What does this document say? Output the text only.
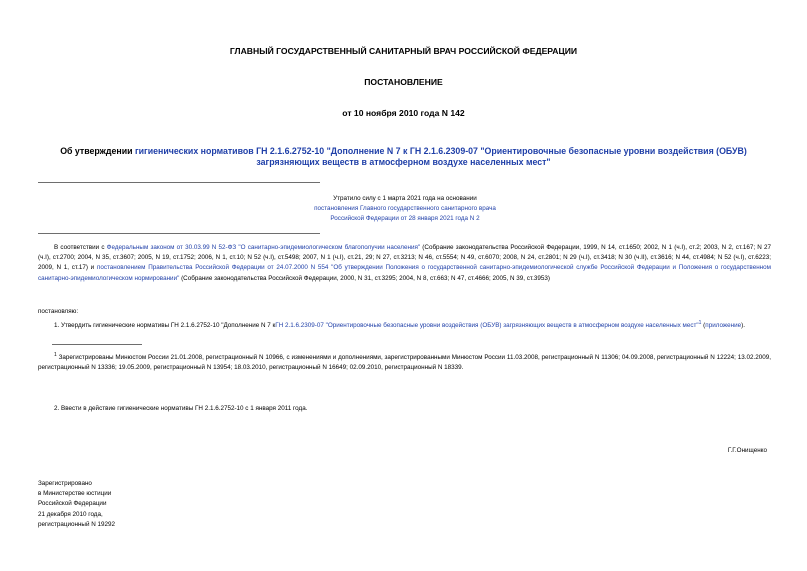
ГЛАВНЫЙ ГОСУДАРСТВЕННЫЙ САНИТАРНЫЙ ВРАЧ РОССИЙСКОЙ ФЕДЕРАЦИИ
ПОСТАНОВЛЕНИЕ
от 10 ноября 2010 года N 142
Об утверждении гигиенических нормативов ГН 2.1.6.2752-10 "Дополнение N 7 к ГН 2.1.6.2309-07 "Ориентировочные безопасные уровни воздействия (ОБУВ) загрязняющих веществ в атмосферном воздухе населенных мест"
Утратило силу с 1 марта 2021 года на основании
постановления Главного государственного санитарного врача
Российской Федерации от 28 января 2021 года N 2
В соответствии с Федеральным законом от 30.03.99 N 52-ФЗ "О санитарно-эпидемиологическом благополучии населения" (Собрание законодательства Российской Федерации, 1999, N 14, ст.1650; 2002, N 1 (ч.I), ст.2; 2003, N 2, ст.167; N 27 (ч.I), ст.2700; 2004, N 35, ст.3607; 2005, N 19, ст.1752; 2006, N 1, ст.10; N 52 (ч.I), ст.5498; 2007, N 1 (ч.I), ст.21, 29; N 27, ст.3213; N 46, ст.5554; N 49, ст.6070; 2008, N 24, ст.2801; N 29 (ч.I), ст.3418; N 30 (ч.II), ст.3616; N 44, ст.4984; N 52 (ч.I), ст.6223; 2009, N 1, ст.17) и постановлением Правительства Российской Федерации от 24.07.2000 N 554 "Об утверждении Положения о государственной санитарно-эпидемиологической службе Российской Федерации и Положения о государственном санитарно-эпидемиологическом нормировании" (Собрание законодательства Российской Федерации, 2000, N 31, ст.3295; 2004, N 8, ст.663; N 47, ст.4666; 2005, N 39, ст.3953)
постановляю:
1. Утвердить гигиенические нормативы ГН 2.1.6.2752-10 "Дополнение N 7 кГН 2.1.6.2309-07 "Ориентировочные безопасные уровни воздействия (ОБУВ) загрязняющих веществ в атмосферном воздухе населенных мест"$^1$ (приложение).
$^1$ Зарегистрированы Минюстом России 21.01.2008, регистрационный N 10966, с изменениями и дополнениями, зарегистрированными Минюстом России 11.03.2008, регистрационный N 11306; 04.09.2008, регистрационный N 12224; 13.02.2009, регистрационный N 13336; 19.05.2009, регистрационный N 13954; 18.03.2010, регистрационный N 16649; 02.09.2010, регистрационный N 18339.
2. Ввести в действие гигиенические нормативы ГН 2.1.6.2752-10 с 1 января 2011 года.
Г.Г.Онищенко
Зарегистрировано
в Министерстве юстиции
Российской Федерации
21 декабря 2010 года,
регистрационный N 19292
